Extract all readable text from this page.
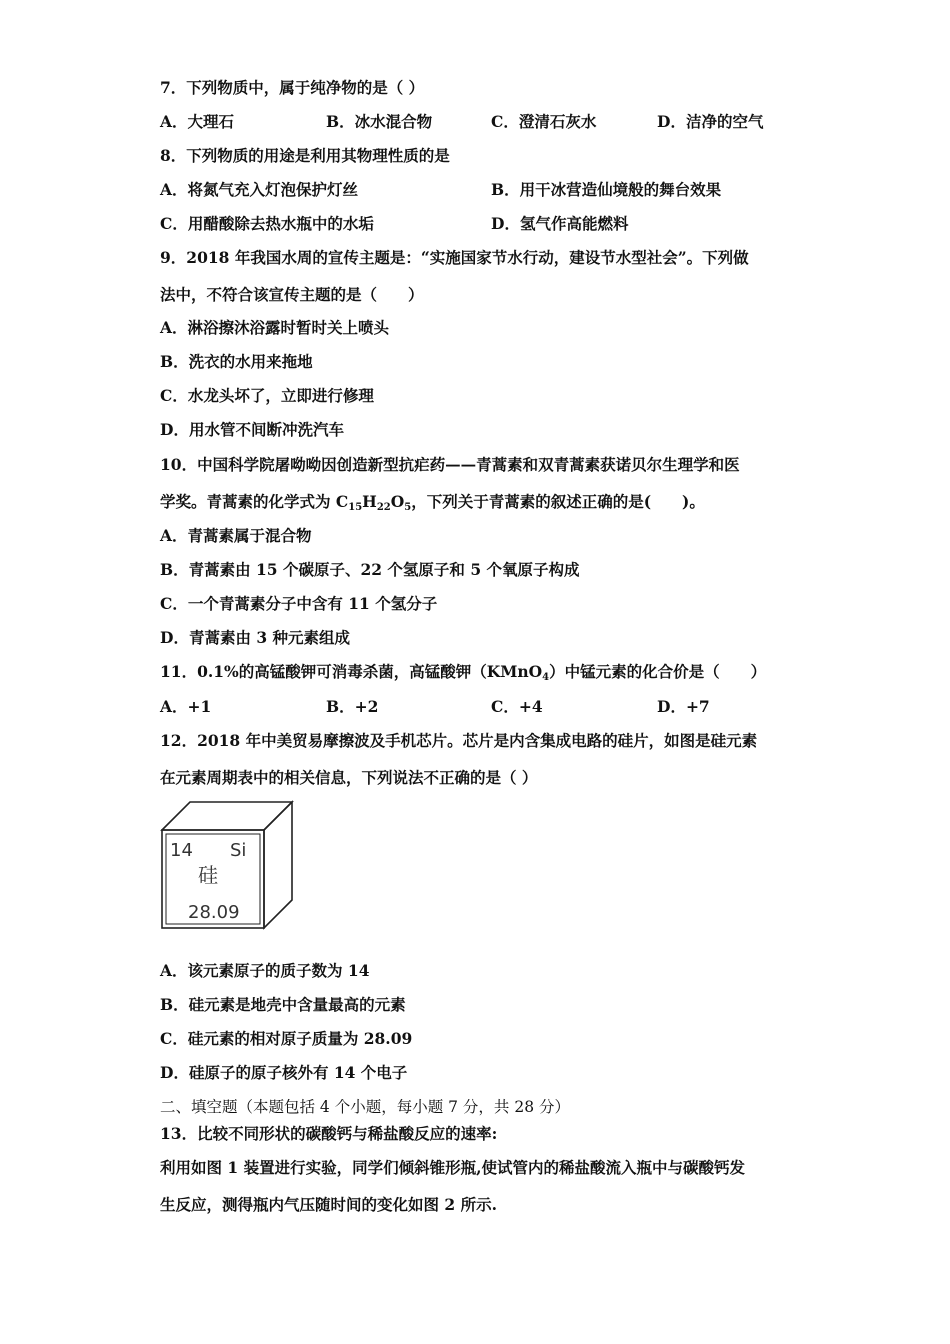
7．下列物质中，属于纯净物的是（ ）
A．大理石	B．冰水混合物	C．澄清石灰水	D．洁净的空气
8．下列物质的用途是利用其物理性质的是
A．将氮气充入灯泡保护灯丝	B．用干冰营造仙境般的舞台效果
C．用醋酸除去热水瓶中的水垢	D．氢气作高能燃料
9．2018 年我国水周的宣传主题是：“实施国家节水行动，建设节水型社会”。下列做
法中，不符合该宣传主题的是（　　）
A．淋浴擦沐浴露时暂时关上喷头
B．洗衣的水用来拖地
C．水龙头坏了，立即进行修理
D．用水管不间断冲洗汽车
10．中国科学院屠呦呦因创造新型抗疟药——青蒿素和双青蒿素获诺贝尔生理学和医
学奖。青蒿素的化学式为 $C_{15}H_{22}O_5$，下列关于青蒿素的叙述正确的是(　　)。
A．青蒿素属于混合物
B．青蒿素由 15 个碳原子、22 个氢原子和 5 个氧原子构成
C．一个青蒿素分子中含有 11 个氢分子
D．青蒿素由 3 种元素组成
11．0.1%的高锰酸钾可消毒杀菌，高锰酸钾（KMnO$_4$）中锰元素的化合价是（　　）
A．+1	B．+2	C．+4	D．+7
12．2018 年中美贸易摩擦波及手机芯片。芯片是内含集成电路的硅片，如图是硅元素
在元素周期表中的相关信息，下列说法不正确的是（ ）
14 Si
硅
28.09
A．该元素原子的质子数为 14
B．硅元素是地壳中含量最高的元素
C．硅元素的相对原子质量为 28.09
D．硅原子的原子核外有 14 个电子
二、填空题（本题包括 4 个小题，每小题 7 分，共 28 分）
13．比较不同形状的碳酸钙与稀盐酸反应的速率:
利用如图 1 装置进行实验，同学们倾斜锥形瓶,使试管内的稀盐酸流入瓶中与碳酸钙发
生反应，测得瓶内气压随时间的变化如图 2 所示.
